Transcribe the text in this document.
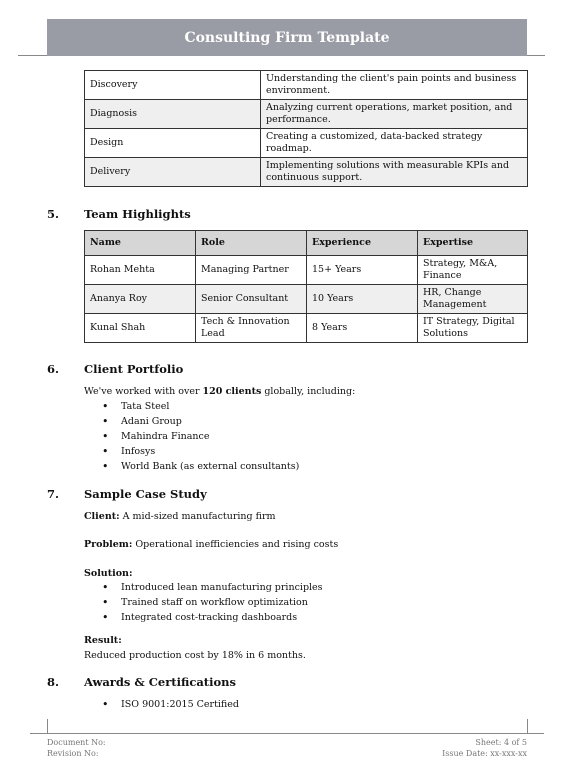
Consulting Firm Template
Discovery	Understanding the client's pain points and business environment.
Diagnosis	Analyzing current operations, market position, and performance.
Design	Creating a customized, data-backed strategy roadmap.
Delivery	Implementing solutions with measurable KPIs and continuous support.
5. Team Highlights
Name	Role	Experience	Expertise
Rohan Mehta	Managing Partner	15+ Years	Strategy, M&A, Finance
Ananya Roy	Senior Consultant	10 Years	HR, Change Management
Kunal Shah	Tech & Innovation Lead	8 Years	IT Strategy, Digital Solutions
6. Client Portfolio
We've worked with over 120 clients globally, including:
• Tata Steel
• Adani Group
• Mahindra Finance
• Infosys
• World Bank (as external consultants)
7. Sample Case Study
Client: A mid-sized manufacturing firm
Problem: Operational inefficiencies and rising costs
Solution:
• Introduced lean manufacturing principles
• Trained staff on workflow optimization
• Integrated cost-tracking dashboards
Result:
Reduced production cost by 18% in 6 months.
8. Awards & Certifications
• ISO 9001:2015 Certified
Document No:
Revision No:
Sheet: 4 of 5
Issue Date: xx-xxx-xx
